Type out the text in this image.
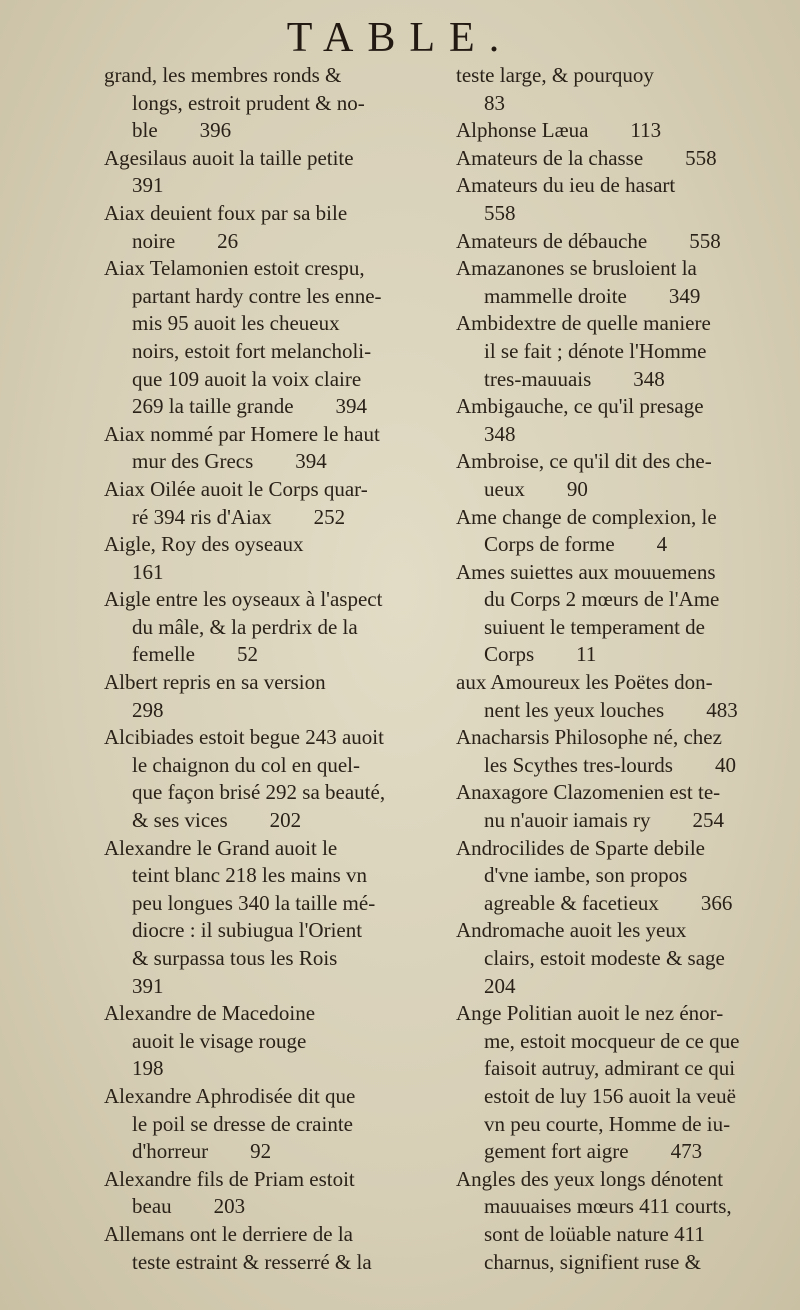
TABLE.
grand, les membres ronds &
longs, estroit prudent & no-
ble  396
Agesilaus auoit la taille petite
391
Aiax deuient foux par sa bile
noire  26
Aiax Telamonien estoit crespu,
partant hardy contre les enne-
mis 95 auoit les cheueux
noirs, estoit fort melancholi-
que 109 auoit la voix claire
269 la taille grande  394
Aiax nommé par Homere le haut
mur des Grecs  394
Aiax Oilée auoit le Corps quar-
ré 394 ris d'Aiax  252
Aigle, Roy des oyseaux
161
Aigle entre les oyseaux à l'aspect
du mâle, & la perdrix de la
femelle  52
Albert repris en sa version
298
Alcibiades estoit begue 243 auoit
le chaignon du col en quel-
que façon brisé 292 sa beauté,
& ses vices  202
Alexandre le Grand auoit le
teint blanc 218 les mains vn
peu longues 340 la taille mé-
diocre : il subiugua l'Orient
& surpassa tous les Rois
391
Alexandre de Macedoine
auoit le visage rouge
198
Alexandre Aphrodisée dit que
le poil se dresse de crainte
d'horreur  92
Alexandre fils de Priam estoit
beau  203
Allemans ont le derriere de la
teste estraint & resserré & la
teste large, & pourquoy
83
Alphonse Læua  113
Amateurs de la chasse  558
Amateurs du ieu de hasart
558
Amateurs de débauche  558
Amazanones se brusloient la
mammelle droite  349
Ambidextre de quelle maniere
il se fait ; dénote l'Homme
tres-mauuais  348
Ambigauche, ce qu'il presage
348
Ambroise, ce qu'il dit des che-
ueux  90
Ame change de complexion, le
Corps de forme  4
Ames suiettes aux mouuemens
du Corps 2 mœurs de l'Ame
suiuent le temperament de
Corps  11
aux Amoureux les Poëtes don-
nent les yeux louches  483
Anacharsis Philosophe né, chez
les Scythes tres-lourds  40
Anaxagore Clazomenien est te-
nu n'auoir iamais ry  254
Androcilides de Sparte debile
d'vne iambe, son propos
agreable & facetieux  366
Andromache auoit les yeux
clairs, estoit modeste & sage
204
Ange Politian auoit le nez énor-
me, estoit mocqueur de ce que
faisoit autruy, admirant ce qui
estoit de luy 156 auoit la veuë
vn peu courte, Homme de iu-
gement fort aigre  473
Angles des yeux longs dénotent
mauuaises mœurs 411 courts,
sont de loüable nature 411
charnus, signifient ruse &
